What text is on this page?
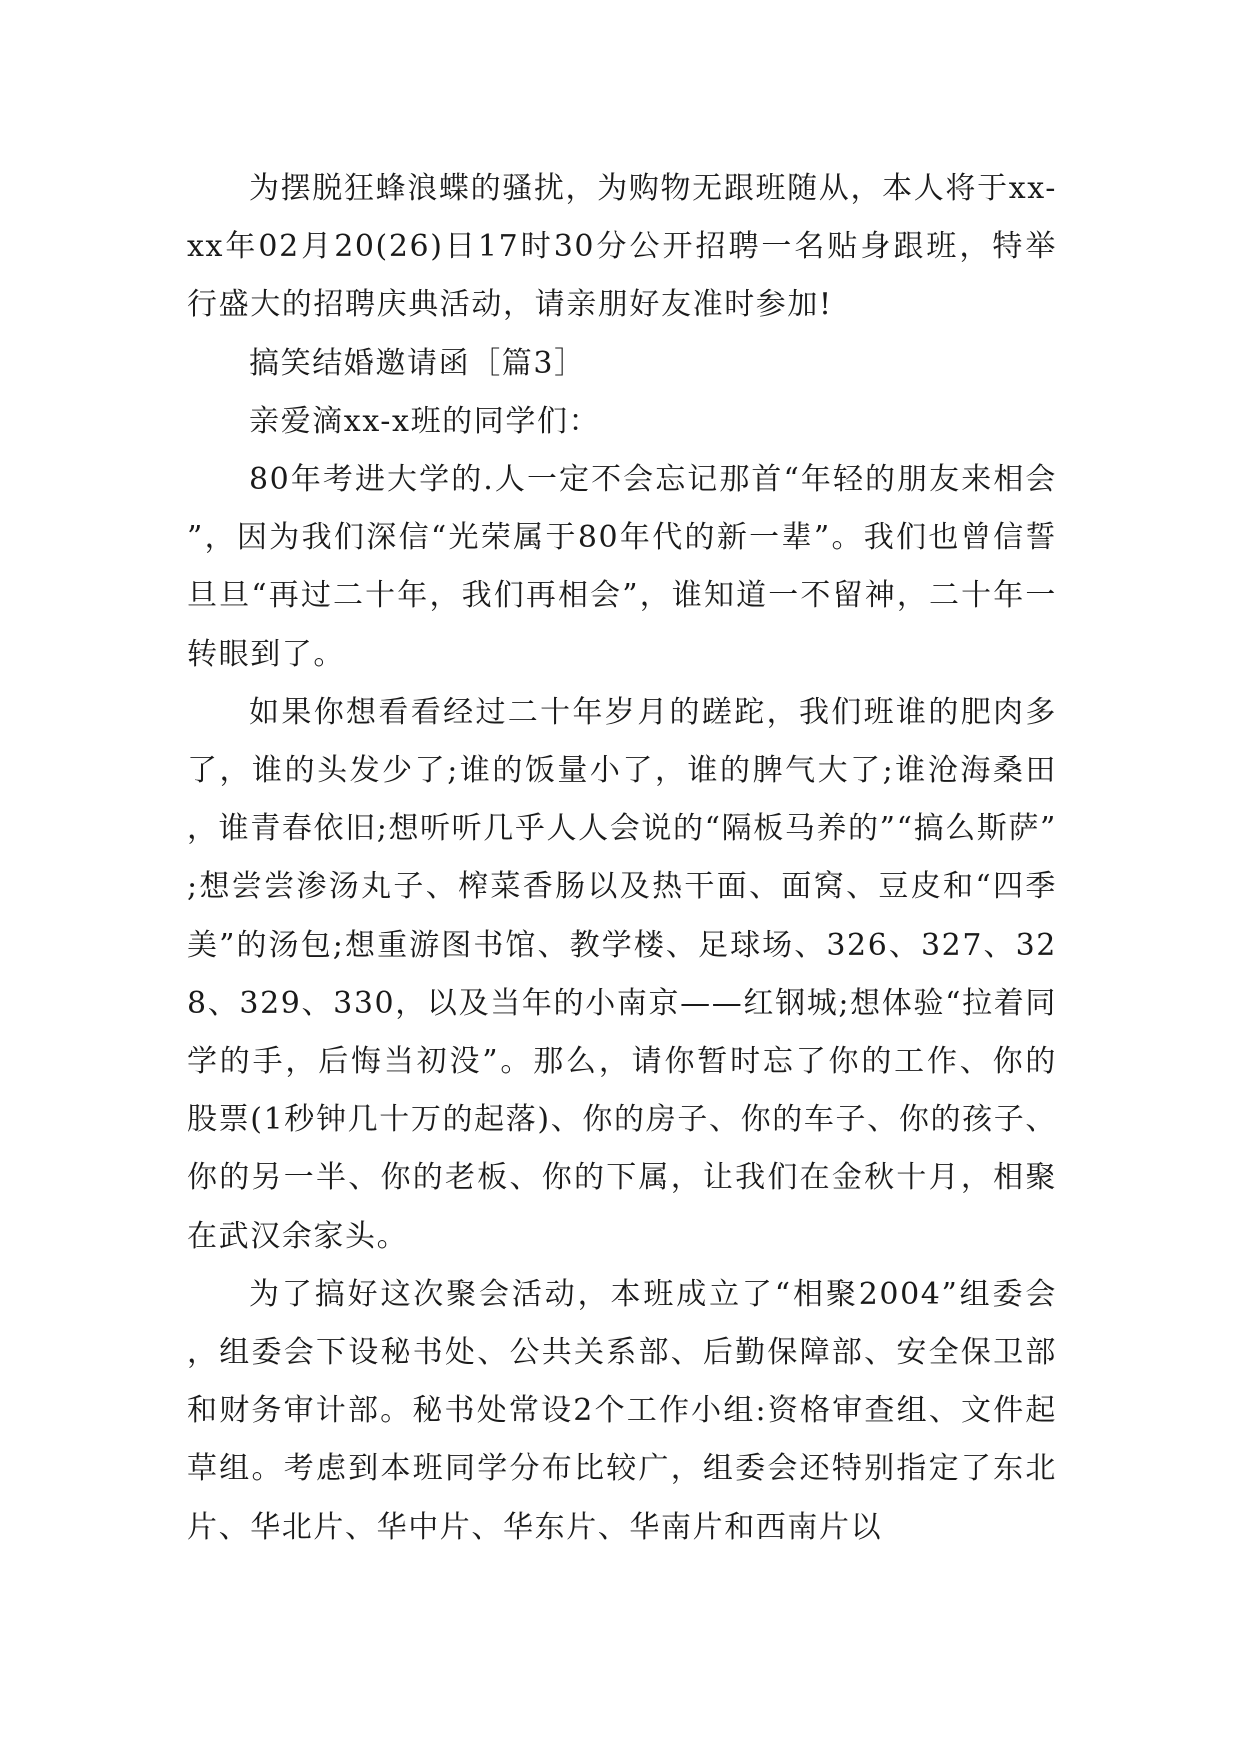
为摆脱狂蜂浪蝶的骚扰，为购物无跟班随从，本人将于xx-xx年02月20(26)日17时30分公开招聘一名贴身跟班，特举行盛大的招聘庆典活动，请亲朋好友准时参加!

搞笑结婚邀请函［篇3］

亲爱滴xx-x班的同学们：

80年考进大学的.人一定不会忘记那首“年轻的朋友来相会”，因为我们深信“光荣属于80年代的新一辈”。我们也曾信誓旦旦“再过二十年，我们再相会”，谁知道一不留神，二十年一转眼到了。

如果你想看看经过二十年岁月的蹉跎，我们班谁的肥肉多了，谁的头发少了;谁的饭量小了，谁的脾气大了;谁沧海桑田，谁青春依旧;想听听几乎人人会说的“隔板马养的”“搞么斯萨”;想尝尝渗汤丸子、榨菜香肠以及热干面、面窝、豆皮和“四季美”的汤包;想重游图书馆、教学楼、足球场、326、327、328、329、330，以及当年的小南京——红钢城;想体验“拉着同学的手，后悔当初没”。那么，请你暂时忘了你的工作、你的股票(1秒钟几十万的起落)、你的房子、你的车子、你的孩子、你的另一半、你的老板、你的下属，让我们在金秋十月，相聚在武汉余家头。

为了搞好这次聚会活动，本班成立了“相聚2004”组委会，组委会下设秘书处、公共关系部、后勤保障部、安全保卫部和财务审计部。秘书处常设2个工作小组:资格审查组、文件起草组。考虑到本班同学分布比较广，组委会还特别指定了东北片、华北片、华中片、华东片、华南片和西南片以
